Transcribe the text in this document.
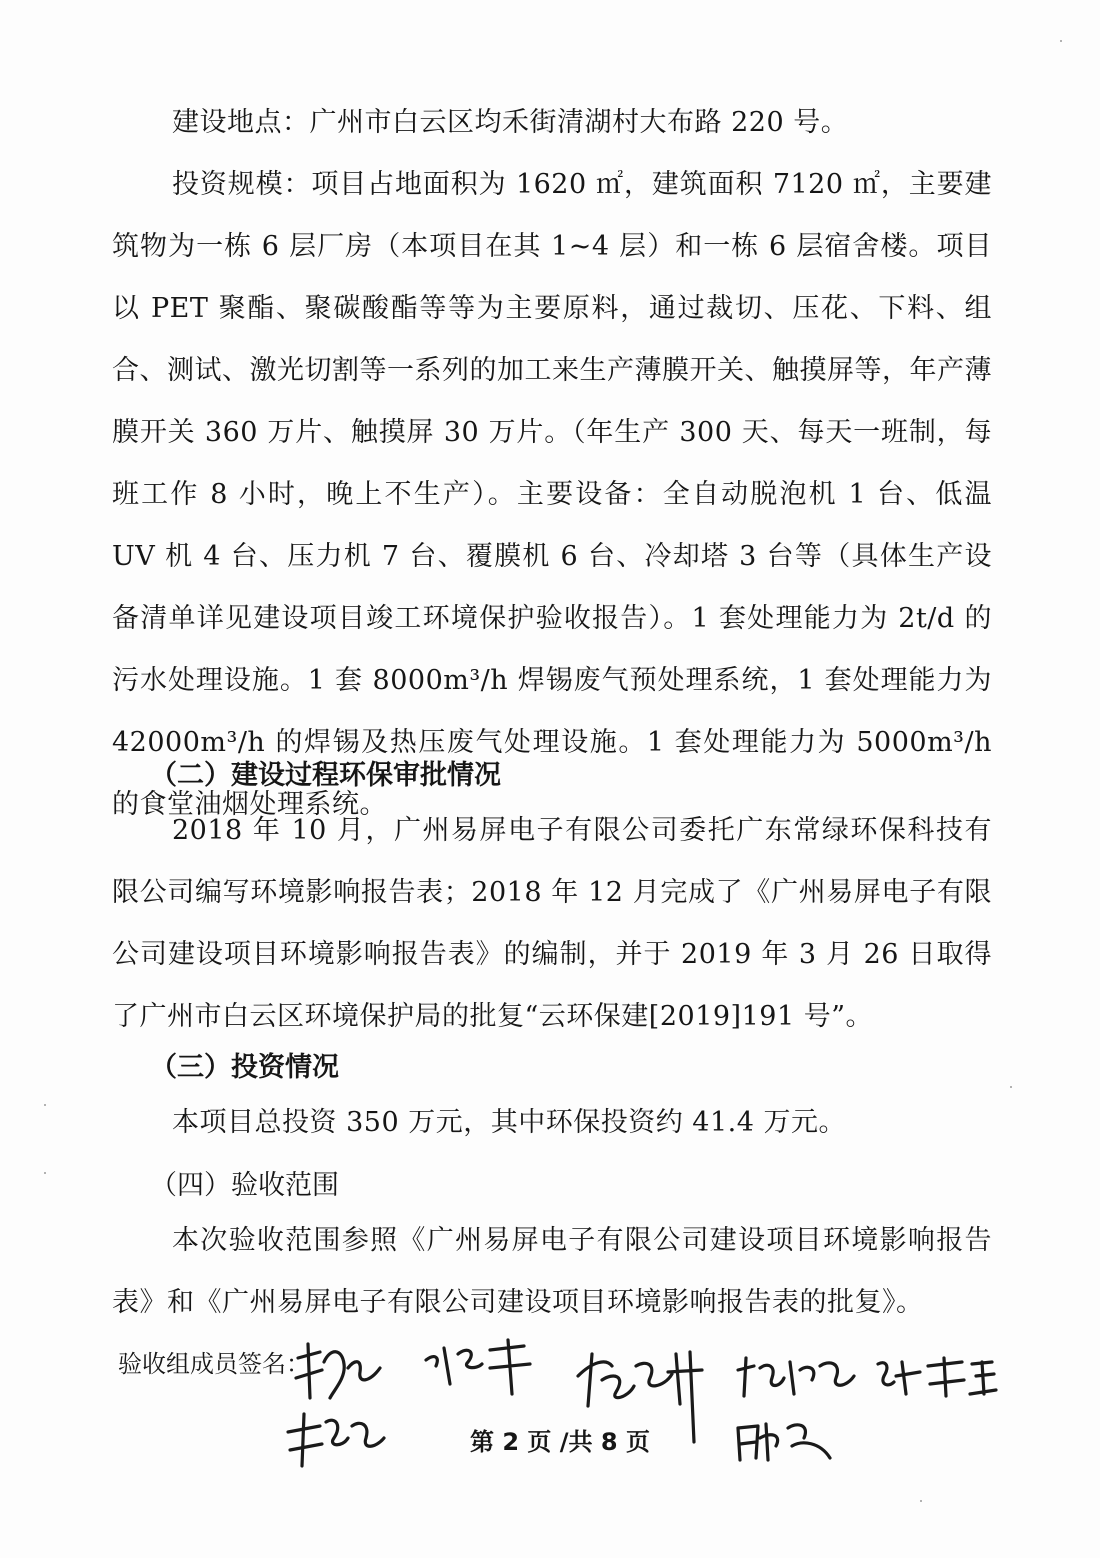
建设地点：广州市白云区均禾街清湖村大布路 220 号。
投资规模：项目占地面积为 1620 ㎡，建筑面积 7120 ㎡，主要建筑物为一栋 6 层厂房（本项目在其 1~4 层）和一栋 6 层宿舍楼。项目以 PET 聚酯、聚碳酸酯等等为主要原料，通过裁切、压花、下料、组合、测试、激光切割等一系列的加工来生产薄膜开关、触摸屏等，年产薄膜开关 360 万片、触摸屏 30 万片。（年生产 300 天、每天一班制，每班工作 8 小时，晚上不生产）。主要设备：全自动脱泡机 1 台、低温 UV 机 4 台、压力机 7 台、覆膜机 6 台、冷却塔 3 台等（具体生产设备清单详见建设项目竣工环境保护验收报告）。1 套处理能力为 2t/d 的污水处理设施。1 套 8000m³/h 焊锡废气预处理系统，1 套处理能力为 42000m³/h 的焊锡及热压废气处理设施。1 套处理能力为 5000m³/h 的食堂油烟处理系统。
（二）建设过程环保审批情况
2018 年 10 月，广州易屏电子有限公司委托广东常绿环保科技有限公司编写环境影响报告表；2018 年 12 月完成了《广州易屏电子有限公司建设项目环境影响报告表》的编制，并于 2019 年 3 月 26 日取得了广州市白云区环境保护局的批复“云环保建[2019]191 号”。
（三）投资情况
本项目总投资 350 万元，其中环保投资约 41.4 万元。
（四）验收范围
本次验收范围参照《广州易屏电子有限公司建设项目环境影响报告表》和《广州易屏电子有限公司建设项目环境影响报告表的批复》。
验收组成员签名：
第 2 页 /共 8 页
